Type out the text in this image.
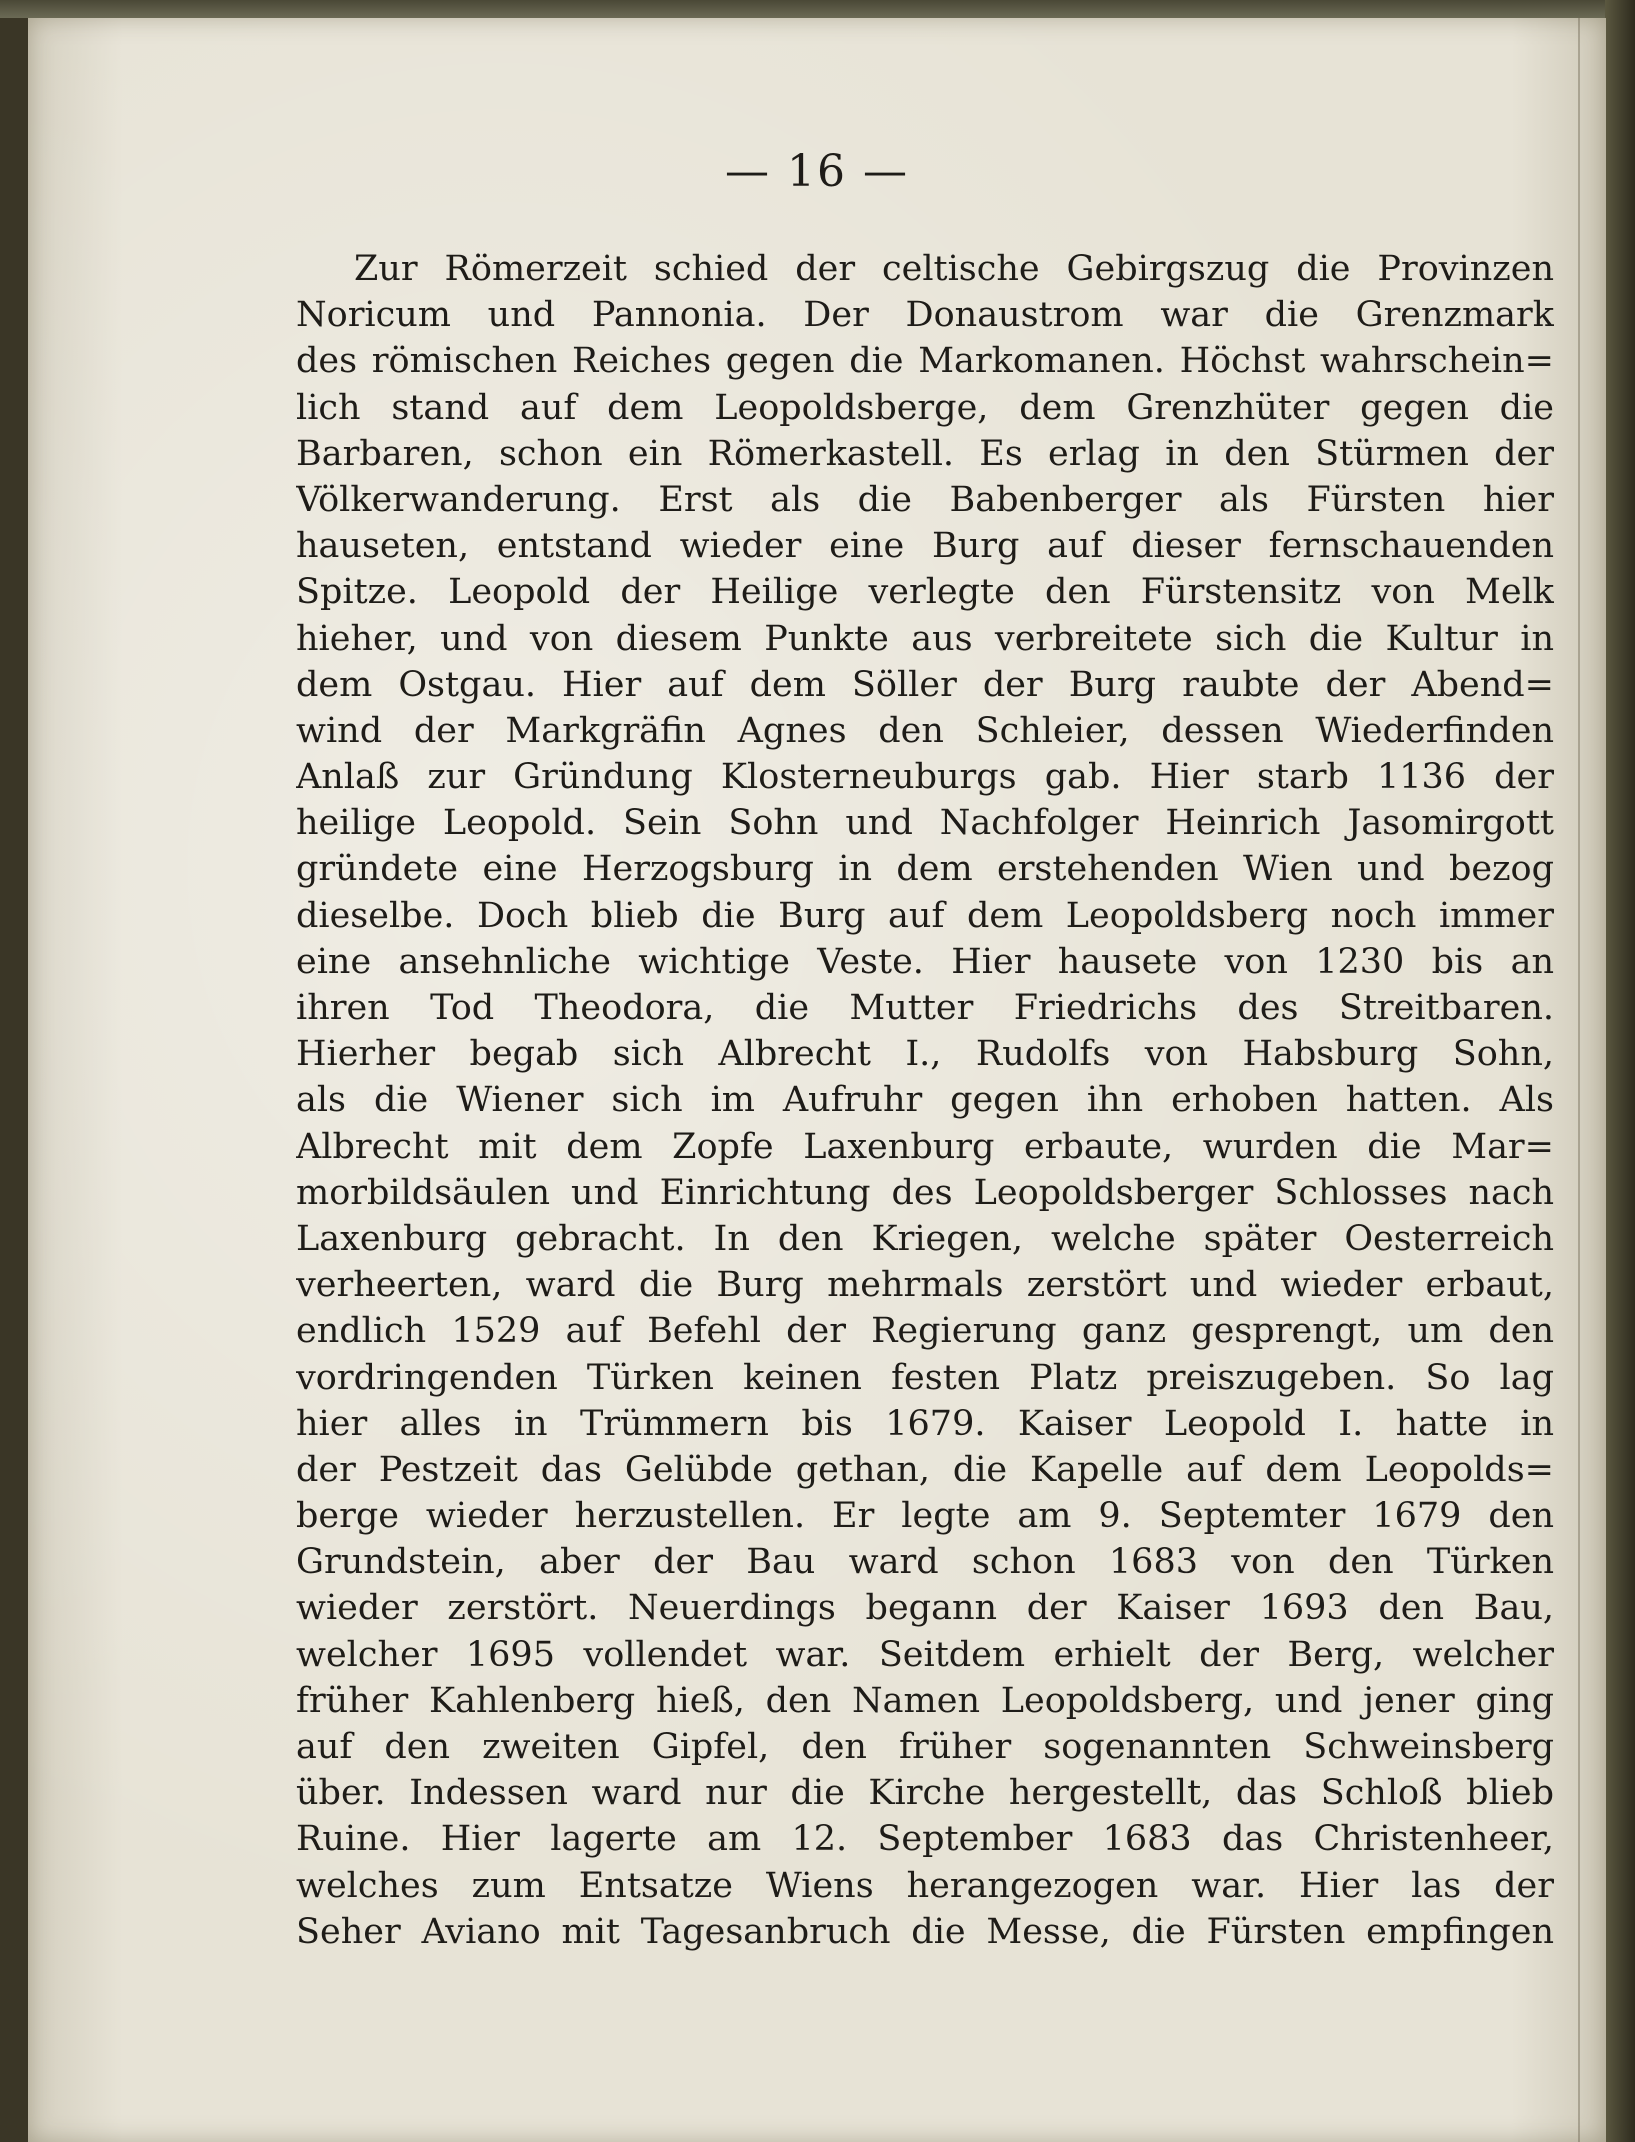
— 16 —
Zur Römerzeit schied der celtische Gebirgszug die Provinzen
Noricum und Pannonia. Der Donaustrom war die Grenzmark
des römischen Reiches gegen die Markomanen. Höchst wahrschein=
lich stand auf dem Leopoldsberge, dem Grenzhüter gegen die
Barbaren, schon ein Römerkastell. Es erlag in den Stürmen der
Völkerwanderung. Erst als die Babenberger als Fürsten hier
hauseten, entstand wieder eine Burg auf dieser fernschauenden
Spitze. Leopold der Heilige verlegte den Fürstensitz von Melk
hieher, und von diesem Punkte aus verbreitete sich die Kultur in
dem Ostgau. Hier auf dem Söller der Burg raubte der Abend=
wind der Markgräfin Agnes den Schleier, dessen Wiederfinden
Anlaß zur Gründung Klosterneuburgs gab. Hier starb 1136 der
heilige Leopold. Sein Sohn und Nachfolger Heinrich Jasomirgott
gründete eine Herzogsburg in dem erstehenden Wien und bezog
dieselbe. Doch blieb die Burg auf dem Leopoldsberg noch immer
eine ansehnliche wichtige Veste. Hier hausete von 1230 bis an
ihren Tod Theodora, die Mutter Friedrichs des Streitbaren.
Hierher begab sich Albrecht I., Rudolfs von Habsburg Sohn,
als die Wiener sich im Aufruhr gegen ihn erhoben hatten. Als
Albrecht mit dem Zopfe Laxenburg erbaute, wurden die Mar=
morbildsäulen und Einrichtung des Leopoldsberger Schlosses nach
Laxenburg gebracht. In den Kriegen, welche später Oesterreich
verheerten, ward die Burg mehrmals zerstört und wieder erbaut,
endlich 1529 auf Befehl der Regierung ganz gesprengt, um den
vordringenden Türken keinen festen Platz preiszugeben. So lag
hier alles in Trümmern bis 1679. Kaiser Leopold I. hatte in
der Pestzeit das Gelübde gethan, die Kapelle auf dem Leopolds=
berge wieder herzustellen. Er legte am 9. Septemter 1679 den
Grundstein, aber der Bau ward schon 1683 von den Türken
wieder zerstört. Neuerdings begann der Kaiser 1693 den Bau,
welcher 1695 vollendet war. Seitdem erhielt der Berg, welcher
früher Kahlenberg hieß, den Namen Leopoldsberg, und jener ging
auf den zweiten Gipfel, den früher sogenannten Schweinsberg
über. Indessen ward nur die Kirche hergestellt, das Schloß blieb
Ruine. Hier lagerte am 12. September 1683 das Christenheer,
welches zum Entsatze Wiens herangezogen war. Hier las der
Seher Aviano mit Tagesanbruch die Messe, die Fürsten empfingen
